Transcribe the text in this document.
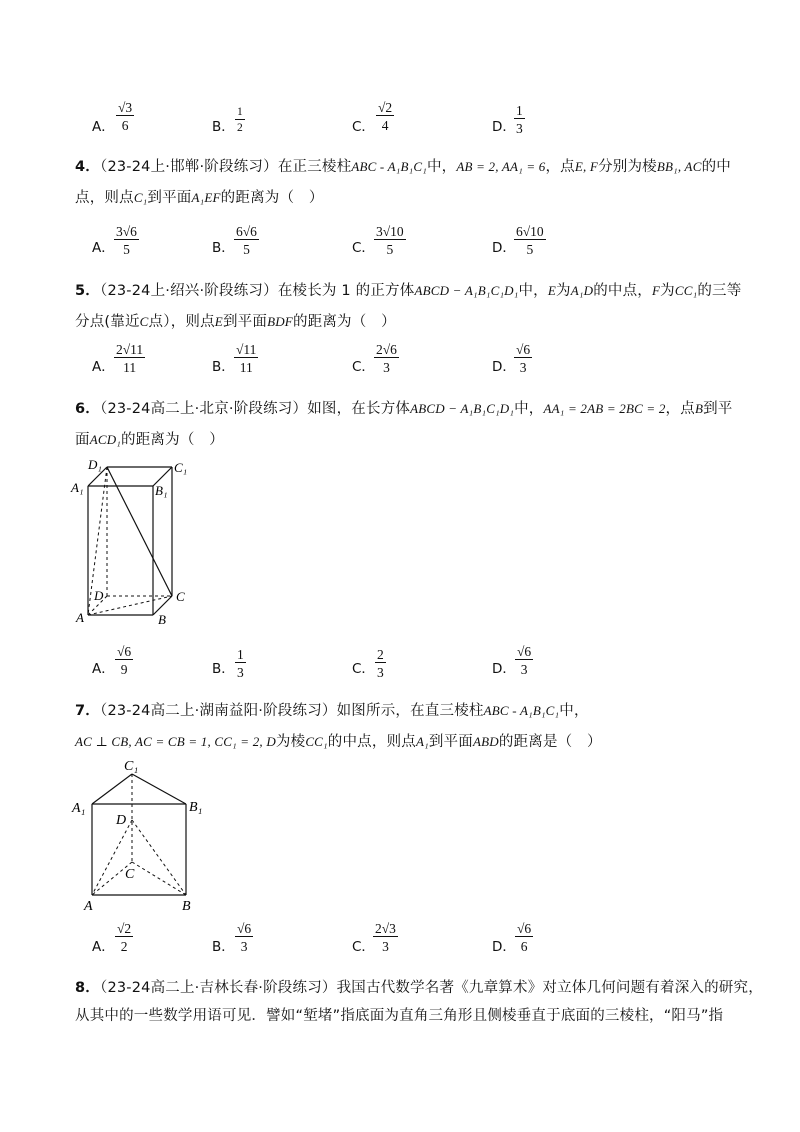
A． $\frac{√3}{6}$	B． $\frac{1}{2}$	C． $\frac{√2}{4}$	D．
$\frac{1}{3}$
4．（23-24上·邯郸·阶段练习）在正三棱柱ABC - A₁B₁C₁中，AB = 2, AA₁ = 6，点E, F分别为棱BB₁, AC的中
点，则点C₁到平面A₁EF的距离为（　）
A． $\frac{3√6}{5}$	B． $\frac{6√6}{5}$	C． $\frac{3√10}{5}$	D．
$\frac{6√10}{5}$
5．（23-24上·绍兴·阶段练习）在棱长为 1 的正方体ABCD − A₁B₁C₁D₁中，E为A₁D的中点，F为CC₁的三等
分点(靠近C点），则点E到平面BDF的距离为（　）
A． $\frac{2√11}{11}$	B． $\frac{√11}{11}$	C． $\frac{2√6}{3}$	D．
$\frac{√6}{3}$
6．（23-24高二上·北京·阶段练习）如图，在长方体ABCD − A₁B₁C₁D₁中，AA₁ = 2AB = 2BC = 2，点B到平
面ACD₁的距离为（　）
D₁	C₁
A₁	B₁
D	C
A	B
A． $\frac{√6}{9}$	B． $\frac{1}{3}$	C． $\frac{2}{3}$	D． $\frac{√6}{3}$
7．（23-24高二上·湖南益阳·阶段练习）如图所示，在直三棱柱ABC - A₁B₁C₁中，
AC ⊥ CB, AC = CB = 1, CC₁ = 2, D为棱CC₁的中点，则点A₁到平面ABD的距离是（　）
C₁
A₁	B₁
D
C
A	B
A． $\frac{√2}{2}$	B． $\frac{√6}{3}$	C．
$\frac{2√3}{3}$	D． $\frac{√6}{6}$
8．（23-24高二上·吉林长春·阶段练习）我国古代数学名著《九章算术》对立体几何问题有着深入的研究，
从其中的一些数学用语可见．譬如“堑堵”指底面为直角三角形且侧棱垂直于底面的三棱柱，“阳马”指
